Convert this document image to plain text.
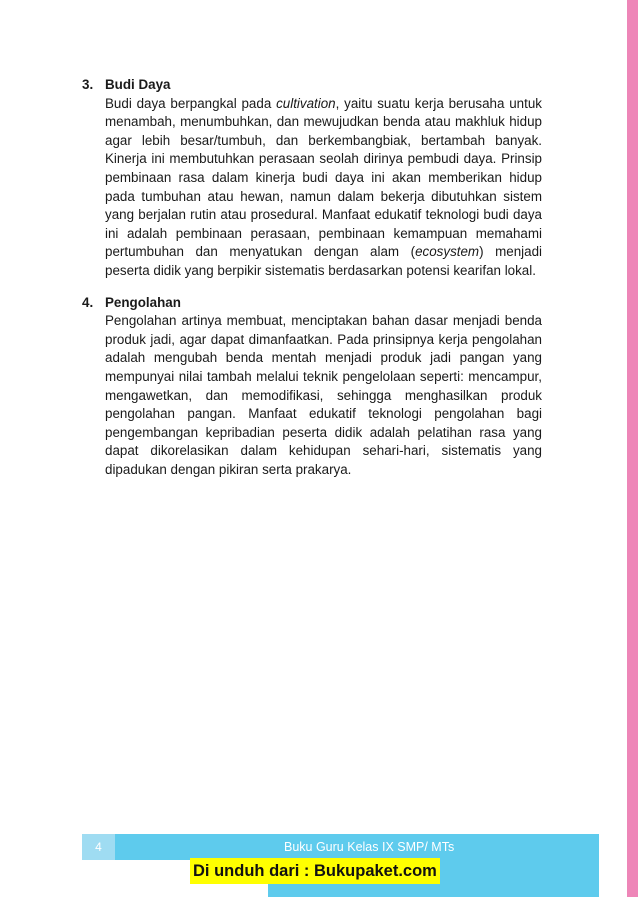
3. Budi Daya

Budi daya berpangkal pada cultivation, yaitu suatu kerja berusaha untuk menambah, menumbuhkan, dan mewujudkan benda atau makhluk hidup agar lebih besar/tumbuh, dan berkembangbiak, bertambah banyak. Kinerja ini membutuhkan perasaan seolah dirinya pembudi daya. Prinsip pembinaan rasa dalam kinerja budi daya ini akan memberikan hidup pada tumbuhan atau hewan, namun dalam bekerja dibutuhkan sistem yang berjalan rutin atau prosedural. Manfaat edukatif teknologi budi daya ini adalah pembinaan perasaan, pembinaan kemampuan memahami pertumbuhan dan menyatukan dengan alam (ecosystem) menjadi peserta didik yang berpikir sistematis berdasarkan potensi kearifan lokal.

4. Pengolahan

Pengolahan artinya membuat, menciptakan bahan dasar menjadi benda produk jadi, agar dapat dimanfaatkan. Pada prinsipnya kerja pengolahan adalah mengubah benda mentah menjadi produk jadi pangan yang mempunyai nilai tambah melalui teknik pengelolaan seperti: mencampur, mengawetkan, dan memodifikasi, sehingga menghasilkan produk pengolahan pangan. Manfaat edukatif teknologi pengolahan bagi pengembangan kepribadian peserta didik adalah pelatihan rasa yang dapat dikorelasikan dalam kehidupan sehari-hari, sistematis yang dipadukan dengan pikiran serta prakarya.

4	Buku Guru Kelas IX SMP/ MTs
Di unduh dari : Bukupaket.com
